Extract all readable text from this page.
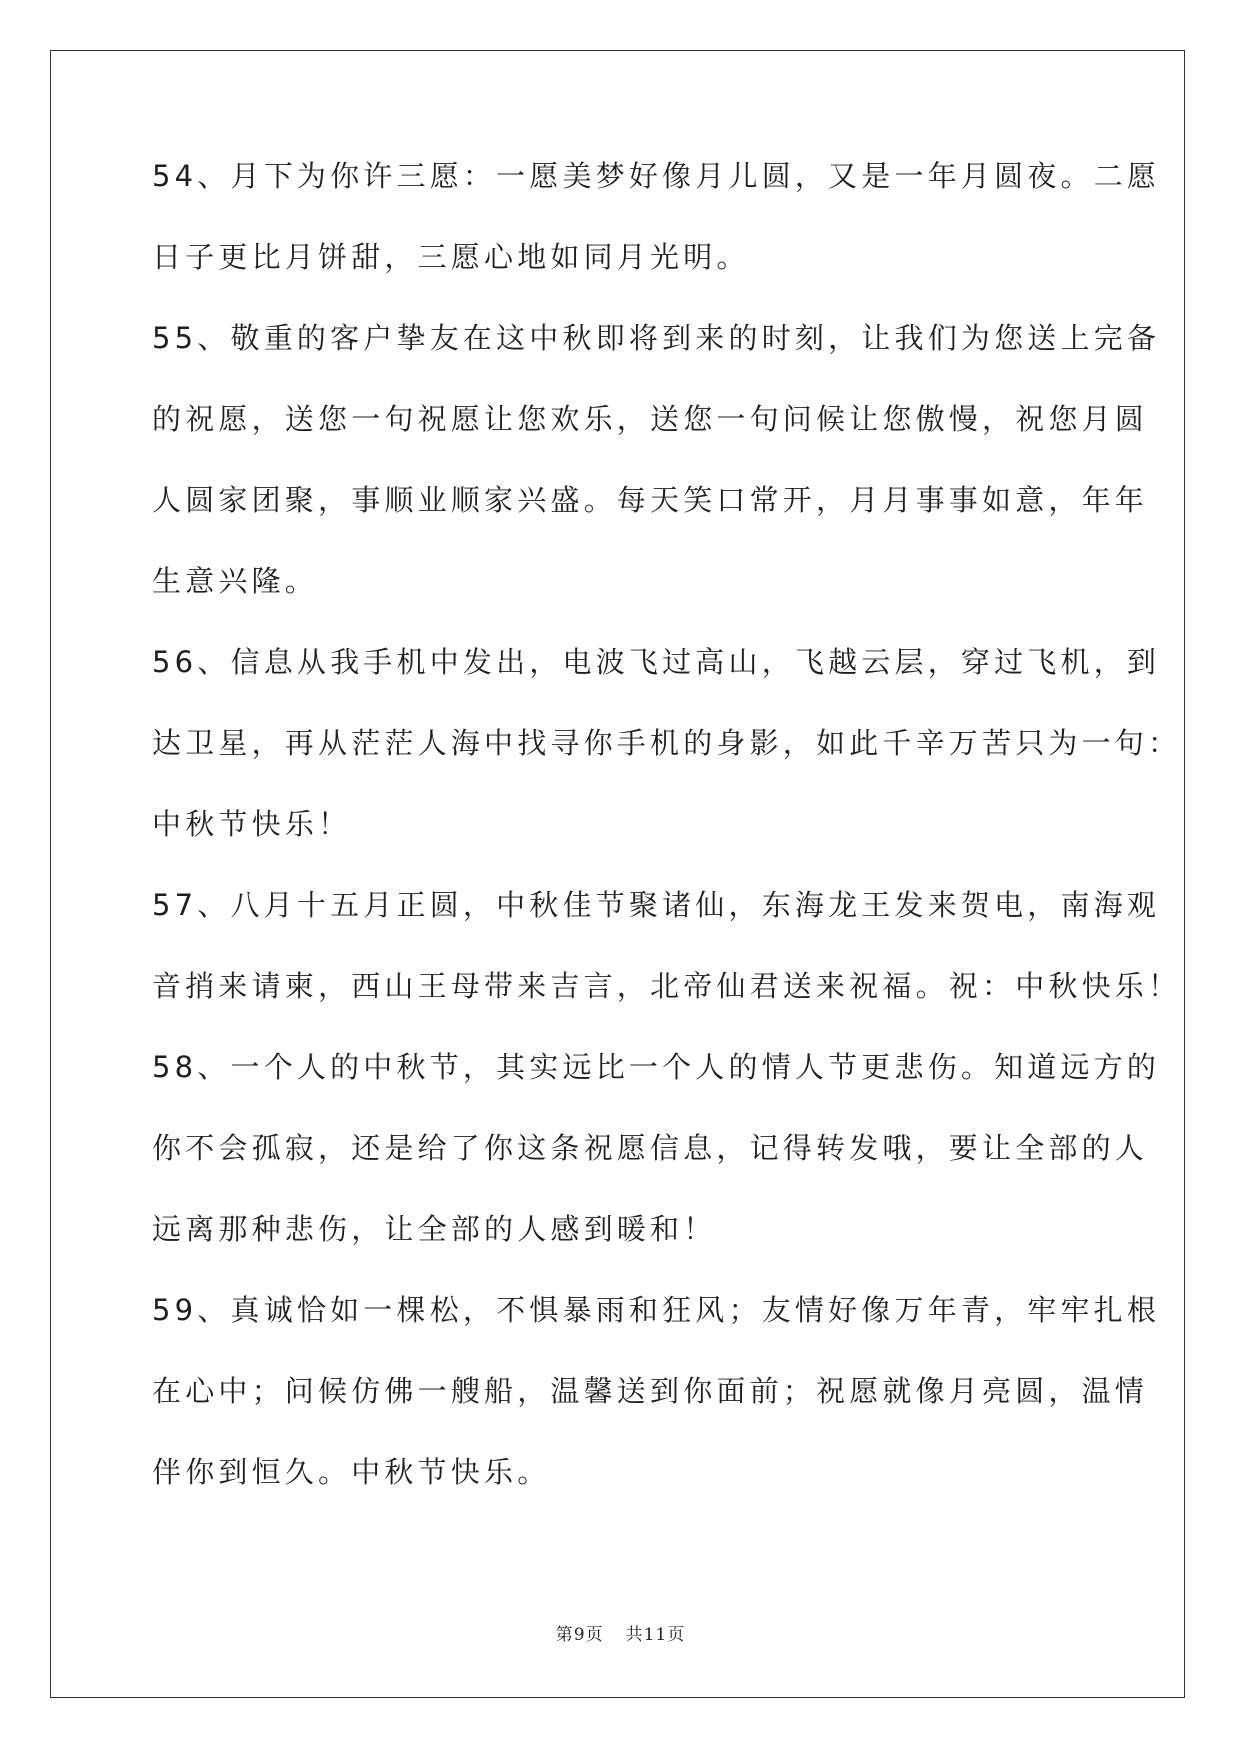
54、月下为你许三愿：一愿美梦好像月儿圆，又是一年月圆夜。二愿
日子更比月饼甜，三愿心地如同月光明。
55、敬重的客户挚友在这中秋即将到来的时刻，让我们为您送上完备
的祝愿，送您一句祝愿让您欢乐，送您一句问候让您傲慢，祝您月圆
人圆家团聚，事顺业顺家兴盛。每天笑口常开，月月事事如意，年年
生意兴隆。
56、信息从我手机中发出，电波飞过高山，飞越云层，穿过飞机，到
达卫星，再从茫茫人海中找寻你手机的身影，如此千辛万苦只为一句：
中秋节快乐！
57、八月十五月正圆，中秋佳节聚诸仙，东海龙王发来贺电，南海观
音捎来请柬，西山王母带来吉言，北帝仙君送来祝福。祝：中秋快乐！
58、一个人的中秋节，其实远比一个人的情人节更悲伤。知道远方的
你不会孤寂，还是给了你这条祝愿信息，记得转发哦，要让全部的人
远离那种悲伤，让全部的人感到暖和！
59、真诚恰如一棵松，不惧暴雨和狂风；友情好像万年青，牢牢扎根
在心中；问候仿佛一艘船，温馨送到你面前；祝愿就像月亮圆，温情
伴你到恒久。中秋节快乐。
第9页 共11页
